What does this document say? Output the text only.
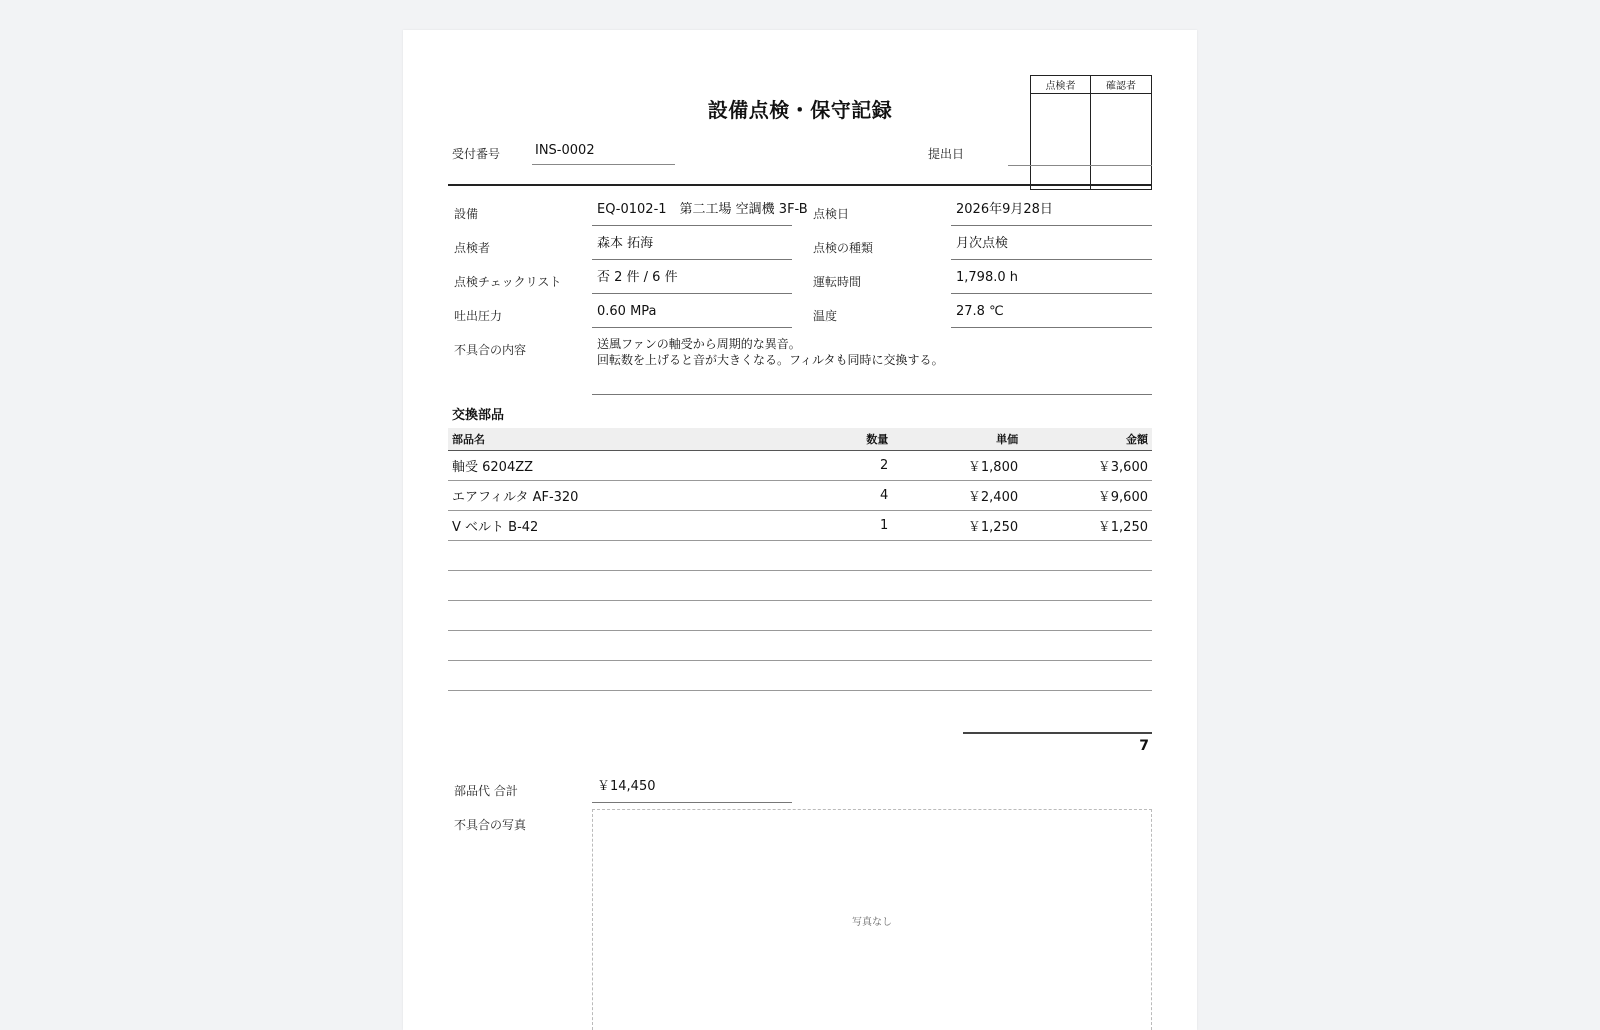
設備点検・保守記録
点検者	確認者
受付番号	INS-0002	提出日
設備	EQ-0102-1　第二工場 空調機 3F-B 点検日	2026年9月28日
点検者	森本 拓海	点検の種類	月次点検
点検チェックリスト	否 2 件 / 6 件	運転時間	1,798.0 h
吐出圧力	0.60 MPa	温度	27.8 ℃
不具合の内容	送風ファンの軸受から周期的な異音。
回転数を上げると音が大きくなる。フィルタも同時に交換する。
交換部品
部品名	数量	単価	金額
軸受 6204ZZ	2	￥1,800	￥3,600
エアフィルタ AF-320	4	￥2,400	￥9,600
V ベルト B-42	1	￥1,250	￥1,250

7
部品代 合計	￥14,450
不具合の写真
写真なし
